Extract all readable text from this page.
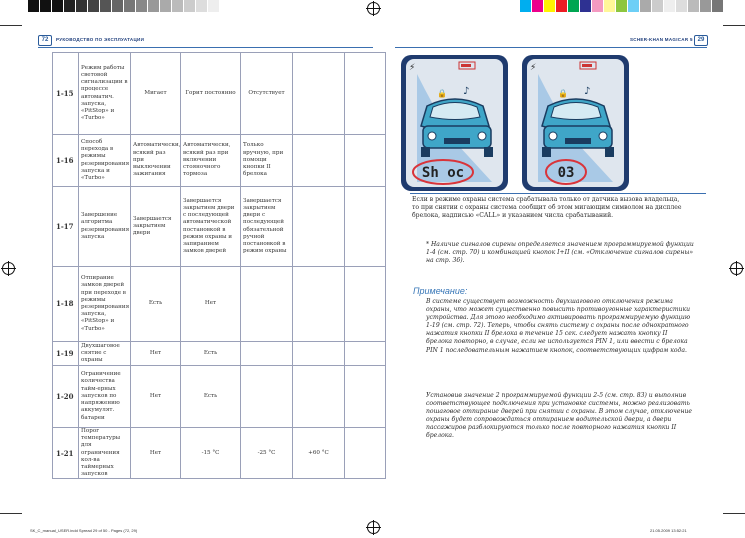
72	РУКОВОДСТВО ПО ЭКСПЛУАТАЦИИ	SCHER-KHAN MAGICAR 5 29
1-15	Режим работы световой сигнализации в процессе автоматич. запуска, «PitStop» и «Turbo»	Мигает	Горит постоянно	Отсутствует		
1-16	Способ перехода в режимы резервирования запуска и «Turbo»	Автоматически, всякий раз при выключении зажигания	Автоматически, всякий раз при включении стояночного тормоза	Только вручную, при помощи кнопки II брелока		
1-17	Завершение алгоритма резервирования запуска	Завершается закрытием двери	Завершается закрытием двери с последующей автоматической постановкой в режим охраны и запиранием замков дверей	Завершается закрытием двери с последующей обязательной ручной постановкой в режим охраны		
1-18	Отпирание замков дверей при переходе в режимы резервирования запуска, «PitStop» и «Turbo»	Есть	Нет			
1-19	Двухшаговое снятие с охраны	Нет	Есть			
1-20	Ограничение количества тайм-ерных запусков по напряжению аккумулят. батареи	Нет	Есть			
1-21	Порог температуры для ограничения кол-ва таймерных запусков	Нет	-15 °С	-25 °С	+60 °С	
⚡
♪
🔒
Sh oc
⚡
♪
🔒
03
Если в режиме охраны система срабатывала только от датчика вызова владельца, то при снятии с охраны система сообщит об этом мигающим символом на дисплее брелока, надписью «CALL» и указанием числа срабатываний.
* Наличие сигналов сирены определяется значением программируемой функции 1-4 (см. стр. 70) и комбинацией кнопок I+II (см. «Отключение сигналов сирены» на стр. 36).
Примечание:
В системе существует возможность двухшагового отключения режима охраны, что может существенно повысить противоугонные характеристики устройства. Для этого необходимо активировать программируемую функцию 1-19 (см. стр. 72). Теперь, чтобы снять систему с охраны после однократного нажатия кнопки II брелока в течение 15 сек. следует нажать кнопку II брелока повторно, в случае, если не используется PIN 1, или ввести с брелока PIN 1 последовательным нажатием кнопок, соответствующих цифрам кода.
Установив значение 2 программируемой функции 2-5 (см. стр. 83) и выполнив соответствующее подключения при установке системы, можно реализовать пошаговое отпирание дверей при снятии с охраны. В этом случае, отключение охраны будет сопровождаться отпиранием водительской двери, а двери пассажиров разблокируются только после повторного нажатия кнопки II брелока.
SK_C_manual_USER.indd Spread 29 of 50 - Pages (72, 29)	21.05.2009 13:52:21
